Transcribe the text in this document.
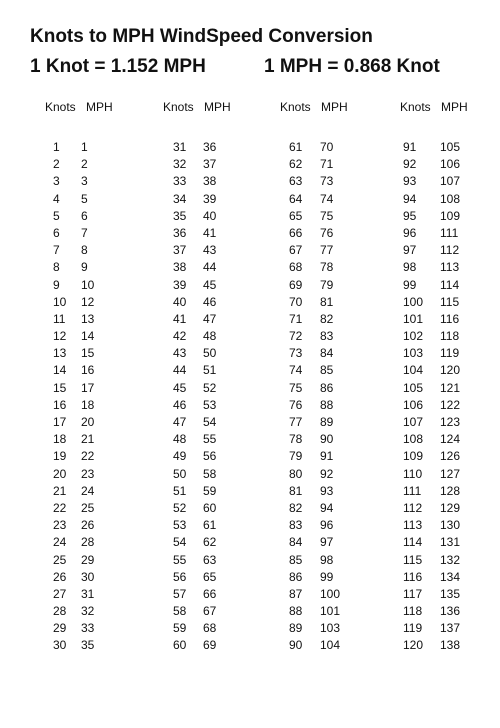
Knots to MPH WindSpeed Conversion
1 Knot = 1.152 MPH	1 MPH = 0.868 Knot
Knots MPH
1	1
2	2
3	3
4	5
5	6
6	7
7	8
8	9
9	10
10	12
11	13
12	14
13	15
14	16
15	17
16	18
17	20
18	21
19	22
20	23
21	24
22	25
23	26
24	28
25	29
26	30
27	31
28	32
29	33
30	35
Knots MPH
31	36
32	37
33	38
34	39
35	40
36	41
37	43
38	44
39	45
40	46
41	47
42	48
43	50
44	51
45	52
46	53
47	54
48	55
49	56
50	58
51	59
52	60
53	61
54	62
55	63
56	65
57	66
58	67
59	68
60	69
Knots MPH
61	70
62	71
63	73
64	74
65	75
66	76
67	77
68	78
69	79
70	81
71	82
72	83
73	84
74	85
75	86
76	88
77	89
78	90
79	91
80	92
81	93
82	94
83	96
84	97
85	98
86	99
87	100
88	101
89	103
90	104
Knots MPH
91	105
92	106
93	107
94	108
95	109
96	111
97	112
98	113
99	114
100	115
101	116
102	118
103	119
104	120
105	121
106	122
107	123
108	124
109	126
110	127
111	128
112	129
113	130
114	131
115	132
116	134
117	135
118	136
119	137
120	138
